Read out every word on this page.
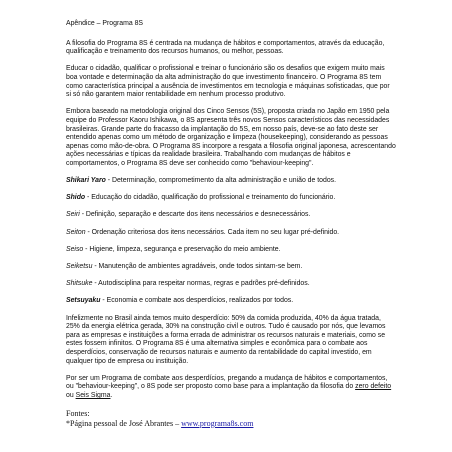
Apêndice – Programa 8S

A filosofia do Programa 8S é centrada na mudança de hábitos e comportamentos, através da educação, qualificação e treinamento dos recursos humanos, ou melhor, pessoas.

Educar o cidadão, qualificar o profissional e treinar o funcionário são os desafios que exigem muito mais boa vontade e determinação da alta administração do que investimento financeiro. O Programa 8S tem como característica principal a ausência de investimentos em tecnologia e máquinas sofisticadas, que por si só não garantem maior rentabilidade em nenhum processo produtivo.

Embora baseado na metodologia original dos Cinco Sensos (5S), proposta criada no Japão em 1950 pela equipe do Professor Kaoru Ishikawa, o 8S apresenta três novos Sensos característicos das necessidades brasileiras. Grande parte do fracasso da implantação do 5S, em nosso país, deve-se ao fato deste ser entendido apenas como um método de organização e limpeza (housekeeping), considerando as pessoas apenas como mão-de-obra. O Programa 8S incorpore a resgata a filosofia original japonesa, acrescentando ações necessárias e típicas da realidade brasileira. Trabalhando com mudanças de hábitos e comportamentos, o Programa 8S deve ser conhecido como "behaviour-keeping".

Shikari Yaro - Determinação, comprometimento da alta administração e união de todos.

Shido - Educação do cidadão, qualificação do profissional e treinamento do funcionário.

Seiri - Definição, separação e descarte dos itens necessários e desnecessários.

Seiton - Ordenação criteriosa dos itens necessários. Cada item no seu lugar pré-definido.

Seiso - Higiene, limpeza, segurança e preservação do meio ambiente.

Seiketsu - Manutenção de ambientes agradáveis, onde todos sintam-se bem.

Shitsuke - Autodisciplina para respeitar normas, regras e padrões pré-definidos.

Setsuyaku - Economia e combate aos desperdícios, realizados por todos.

Infelizmente no Brasil ainda temos muito desperdício: 50% da comida produzida, 40% da água tratada, 25% da energia elétrica gerada, 30% na construção civil e outros. Tudo é causado por nós, que levamos para as empresas e instituições a forma errada de administrar os recursos naturais e materiais, como se estes fossem infinitos. O Programa 8S é uma alternativa simples e econômica para o combate aos desperdícios, conservação de recursos naturais e aumento da rentabilidade do capital investido, em qualquer tipo de empresa ou instituição.

Por ser um Programa de combate aos desperdícios, pregando a mudança de hábitos e comportamentos, ou "behaviour-keeping", o 8S pode ser proposto como base para a implantação da filosofia do zero defeito ou Seis Sigma.

Fontes:

*Página pessoal de José Abrantes – www.programa8s.com
